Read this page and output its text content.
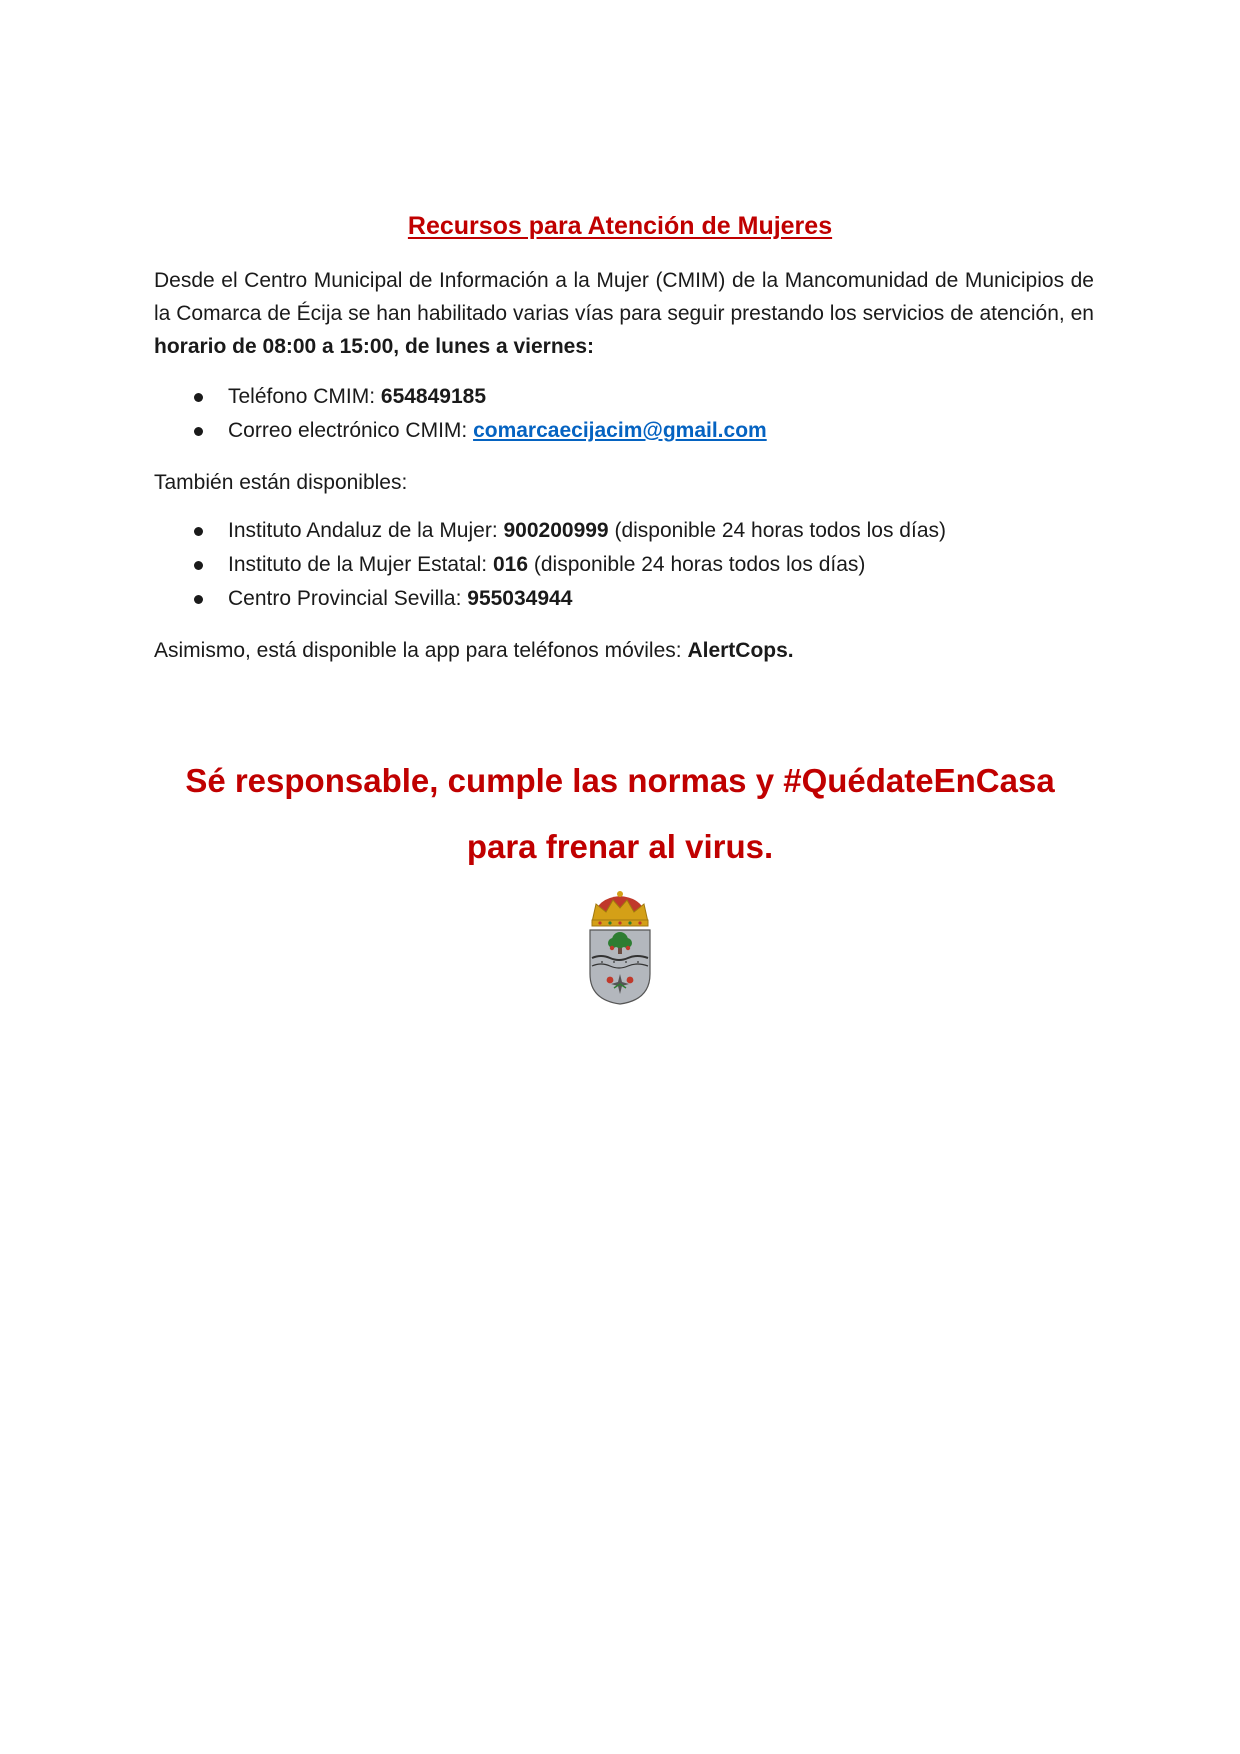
Recursos para Atención de Mujeres
Desde el Centro Municipal de Información a la Mujer (CMIM) de la Mancomunidad de Municipios de la Comarca de Écija se han habilitado varias vías para seguir prestando los servicios de atención, en horario de 08:00 a 15:00, de lunes a viernes:
Teléfono CMIM: 654849185
Correo electrónico CMIM: comarcaecijacim@gmail.com
También están disponibles:
Instituto Andaluz de la Mujer: 900200999 (disponible 24 horas todos los días)
Instituto de la Mujer Estatal: 016 (disponible 24 horas todos los días)
Centro Provincial Sevilla: 955034944
Asimismo, está disponible la app para teléfonos móviles: AlertCops.
Sé responsable, cumple las normas y #QuédateEnCasa
para frenar al virus.
